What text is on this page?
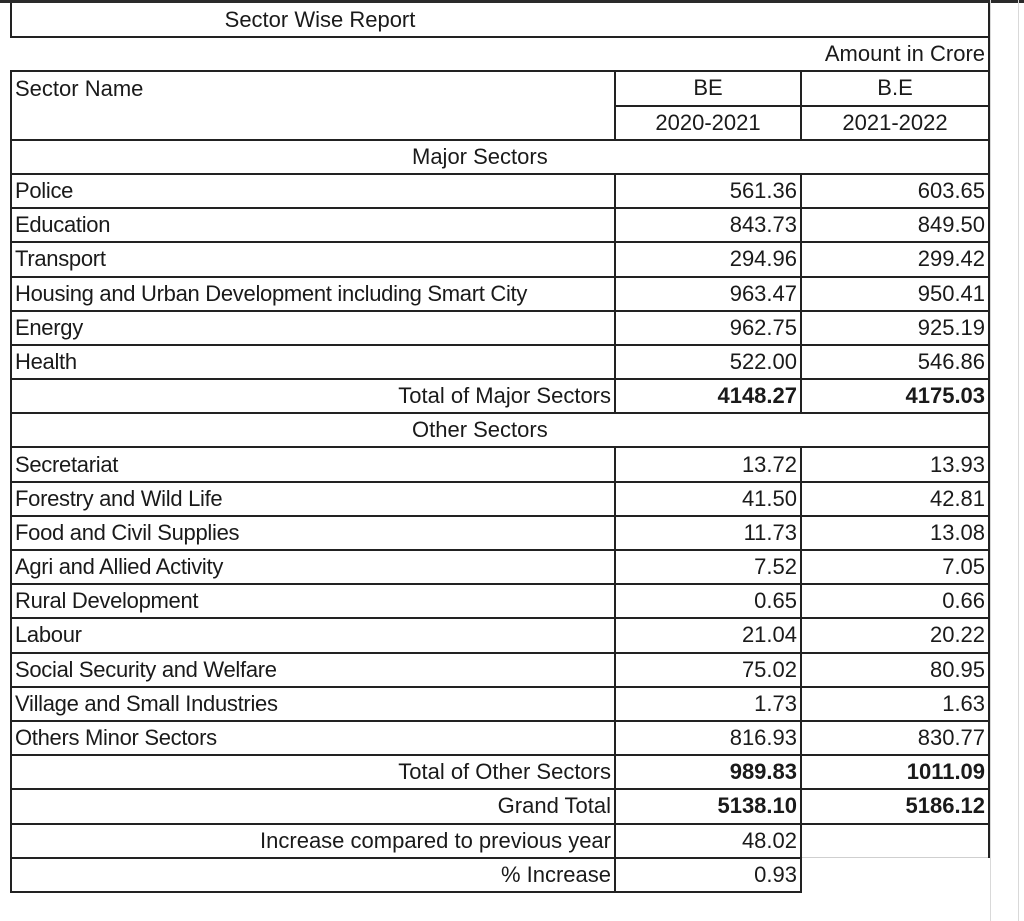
Sector Wise Report		
Amount in Crore		
Sector Name	BE	B.E
	2020-2021	2021-2022
Major Sectors		
Police	561.36	603.65
Education	843.73	849.50
Transport	294.96	299.42
Housing and Urban Development including Smart City	963.47	950.41
Energy	962.75	925.19
Health	522.00	546.86
Total of Major Sectors	4148.27	4175.03
Other Sectors		
Secretariat	13.72	13.93
Forestry and Wild Life	41.50	42.81
Food and Civil Supplies	11.73	13.08
Agri and Allied Activity	7.52	7.05
Rural Development	0.65	0.66
Labour	21.04	20.22
Social Security and Welfare	75.02	80.95
Village and Small Industries	1.73	1.63
Others Minor Sectors	816.93	830.77
Total of Other Sectors	989.83	1011.09
Grand Total	5138.10	5186.12
Increase compared to previous year	48.02	
% Increase	0.93	
